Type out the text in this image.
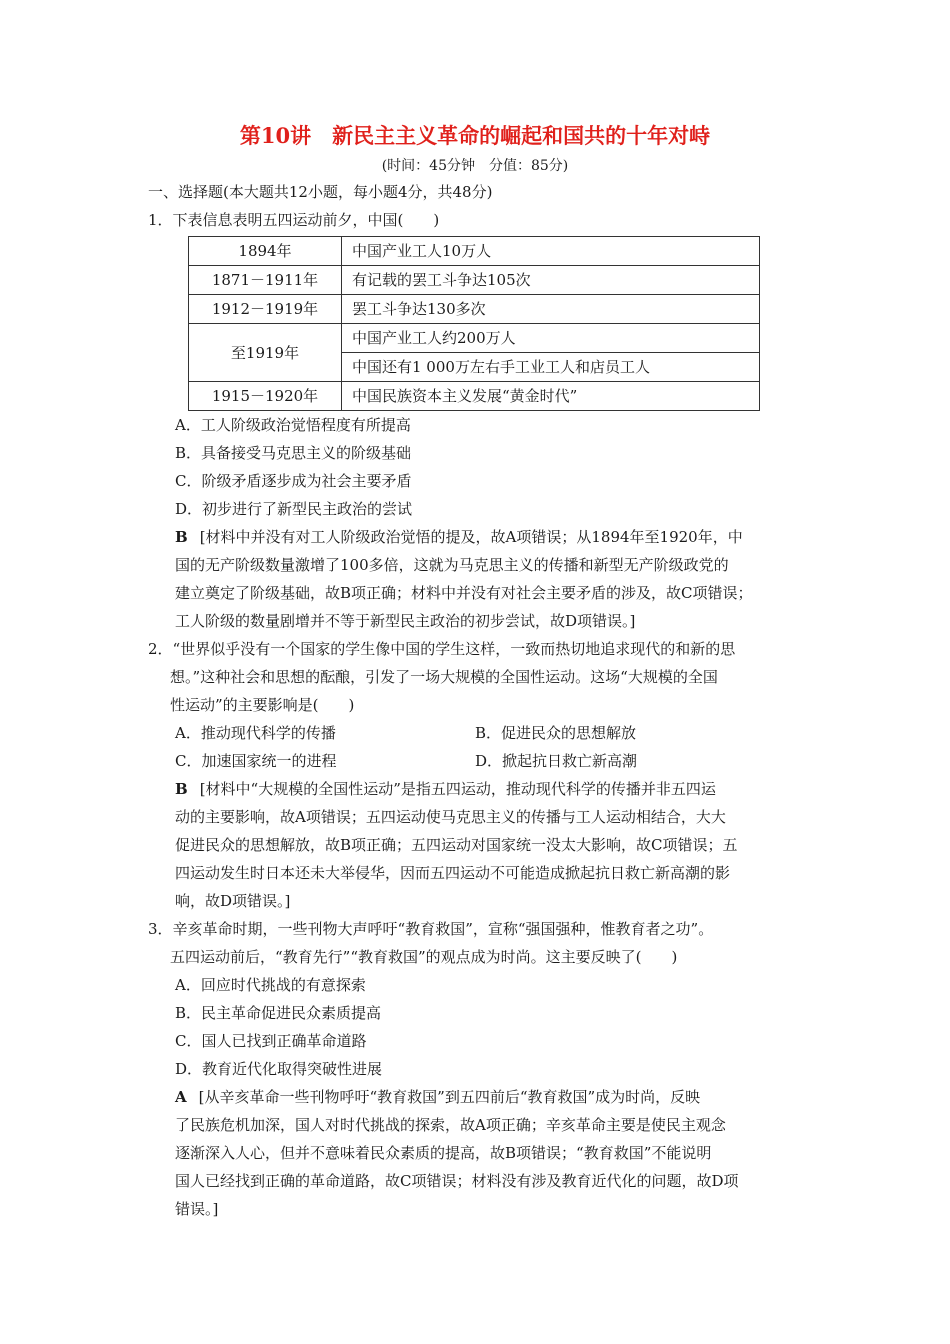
第10讲　新民主主义革命的崛起和国共的十年对峙
(时间：45分钟　分值：85分)
一、选择题(本大题共12小题，每小题4分，共48分)
1．下表信息表明五四运动前夕，中国(　　)
1894年	中国产业工人10万人
1871－1911年	有记载的罢工斗争达105次
1912－1919年	罢工斗争达130多次
至1919年	中国产业工人约200万人
	中国还有1 000万左右手工业工人和店员工人
1915－1920年	中国民族资本主义发展“黄金时代”
A．工人阶级政治觉悟程度有所提高
B．具备接受马克思主义的阶级基础
C．阶级矛盾逐步成为社会主要矛盾
D．初步进行了新型民主政治的尝试
B [材料中并没有对工人阶级政治觉悟的提及，故A项错误；从1894年至1920年，中
国的无产阶级数量激增了100多倍，这就为马克思主义的传播和新型无产阶级政党的
建立奠定了阶级基础，故B项正确；材料中并没有对社会主要矛盾的涉及，故C项错误；
工人阶级的数量剧增并不等于新型民主政治的初步尝试，故D项错误。]
2．“世界似乎没有一个国家的学生像中国的学生这样，一致而热切地追求现代的和新的思
想。”这种社会和思想的酝酿，引发了一场大规模的全国性运动。这场“大规模的全国
性运动”的主要影响是(　　)
A．推动现代科学的传播	B．促进民众的思想解放
C．加速国家统一的进程	D．掀起抗日救亡新高潮
B [材料中“大规模的全国性运动”是指五四运动，推动现代科学的传播并非五四运
动的主要影响，故A项错误；五四运动使马克思主义的传播与工人运动相结合，大大
促进民众的思想解放，故B项正确；五四运动对国家统一没太大影响，故C项错误；五
四运动发生时日本还未大举侵华，因而五四运动不可能造成掀起抗日救亡新高潮的影
响，故D项错误。]
3．辛亥革命时期，一些刊物大声呼吁“教育救国”，宣称“强国强种，惟教育者之功”。
五四运动前后，“教育先行”“教育救国”的观点成为时尚。这主要反映了(　　)
A．回应时代挑战的有意探索
B．民主革命促进民众素质提高
C．国人已找到正确革命道路
D．教育近代化取得突破性进展
A [从辛亥革命一些刊物呼吁“教育救国”到五四前后“教育救国”成为时尚，反映
了民族危机加深，国人对时代挑战的探索，故A项正确；辛亥革命主要是使民主观念
逐渐深入人心，但并不意味着民众素质的提高，故B项错误；“教育救国”不能说明
国人已经找到正确的革命道路，故C项错误；材料没有涉及教育近代化的问题，故D项
错误。]
